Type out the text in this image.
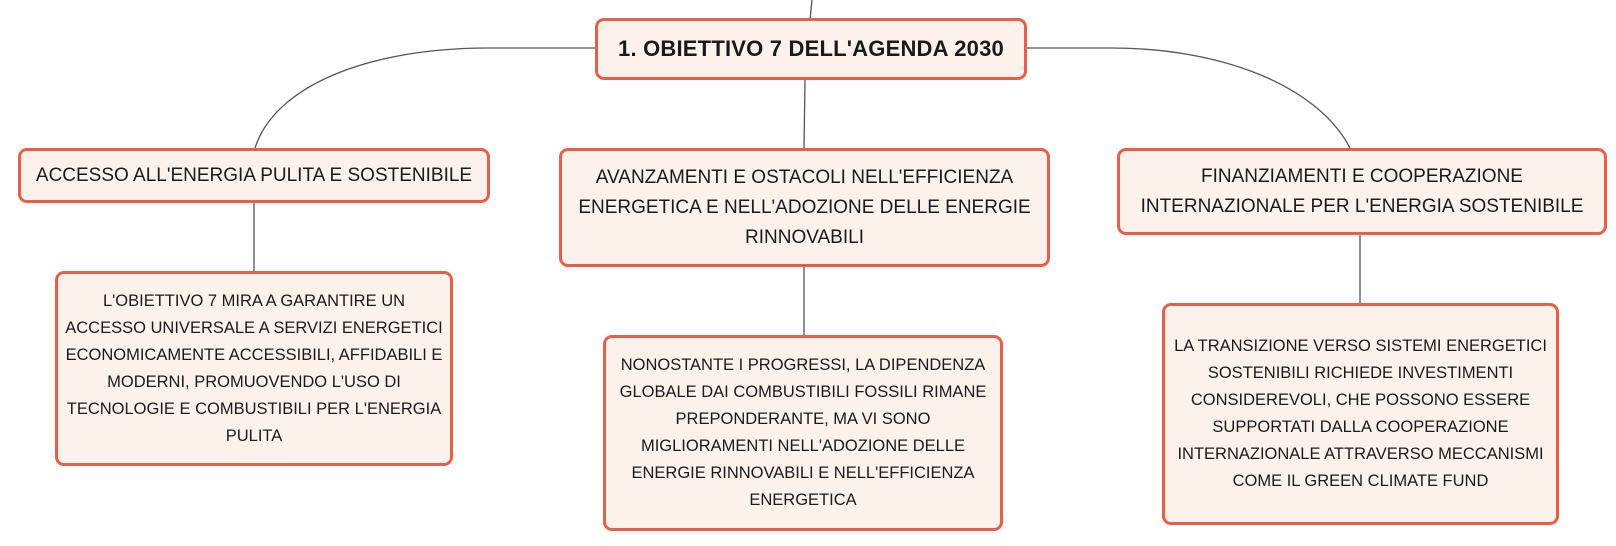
1. OBIETTIVO 7 DELL'AGENDA 2030
ACCESSO ALL'ENERGIA PULITA E SOSTENIBILE	AVANZAMENTI E OSTACOLI NELL'EFFICIENZA ENERGETICA E NELL'ADOZIONE DELLE ENERGIE RINNOVABILI
FINANZIAMENTI E COOPERAZIONE INTERNAZIONALE PER L'ENERGIA SOSTENIBILE
L'OBIETTIVO 7 MIRA A GARANTIRE UN ACCESSO UNIVERSALE A SERVIZI ENERGETICI ECONOMICAMENTE ACCESSIBILI, AFFIDABILI E MODERNI, PROMUOVENDO L'USO DI TECNOLOGIE E COMBUSTIBILI PER L'ENERGIA PULITA
NONOSTANTE I PROGRESSI, LA DIPENDENZA GLOBALE DAI COMBUSTIBILI FOSSILI RIMANE PREPONDERANTE, MA VI SONO MIGLIORAMENTI NELL'ADOZIONE DELLE ENERGIE RINNOVABILI E NELL'EFFICIENZA ENERGETICA
LA TRANSIZIONE VERSO SISTEMI ENERGETICI SOSTENIBILI RICHIEDE INVESTIMENTI CONSIDEREVOLI, CHE POSSONO ESSERE SUPPORTATI DALLA COOPERAZIONE INTERNAZIONALE ATTRAVERSO MECCANISMI COME IL GREEN CLIMATE FUND
